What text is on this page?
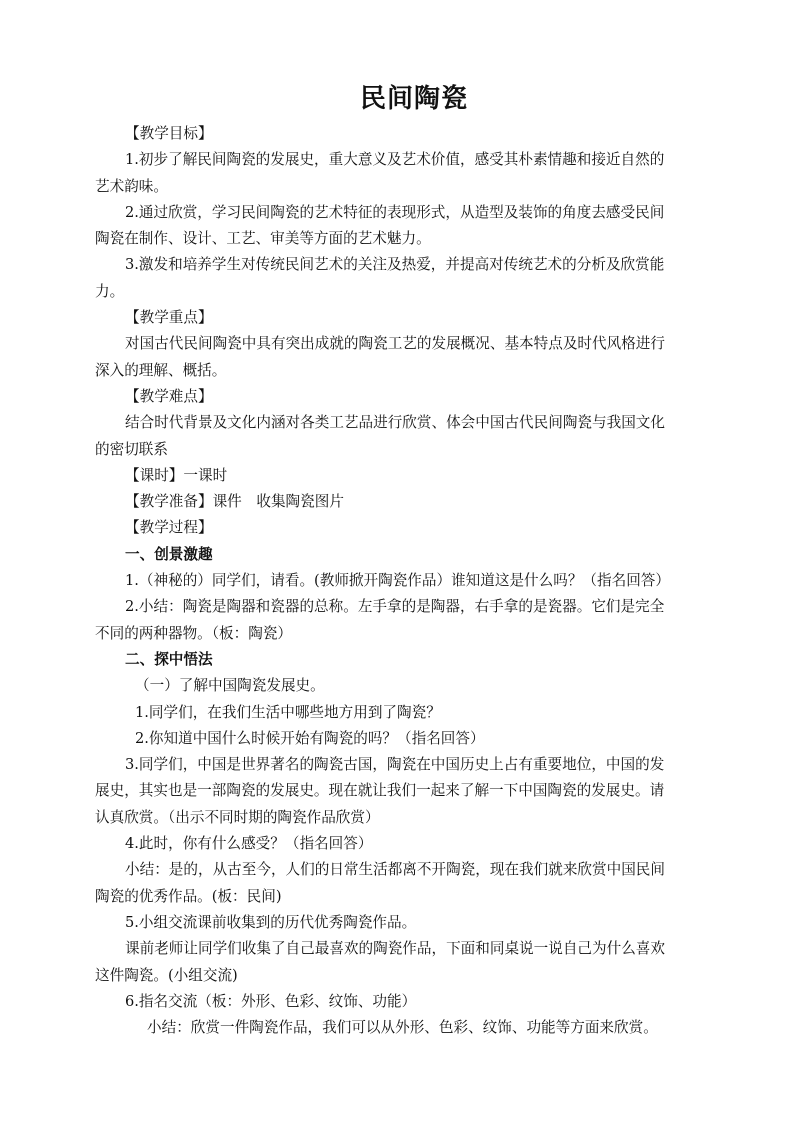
民间陶瓷
【教学目标】
1.初步了解民间陶瓷的发展史，重大意义及艺术价值，感受其朴素情趣和接近自然的
艺术韵味。
2.通过欣赏，学习民间陶瓷的艺术特征的表现形式，从造型及装饰的角度去感受民间
陶瓷在制作、设计、工艺、审美等方面的艺术魅力。
3.激发和培养学生对传统民间艺术的关注及热爱，并提高对传统艺术的分析及欣赏能
力。
【教学重点】
对国古代民间陶瓷中具有突出成就的陶瓷工艺的发展概况、基本特点及时代风格进行
深入的理解、概括。
【教学难点】
结合时代背景及文化内涵对各类工艺品进行欣赏、体会中国古代民间陶瓷与我国文化
的密切联系
【课时】一课时
【教学准备】课件　收集陶瓷图片
【教学过程】
一、创景激趣
1.（神秘的）同学们，请看。(教师掀开陶瓷作品）谁知道这是什么吗？（指名回答）
2.小结：陶瓷是陶器和瓷器的总称。左手拿的是陶器，右手拿的是瓷器。它们是完全
不同的两种器物。（板：陶瓷）
二、探中悟法
（一）了解中国陶瓷发展史。
1.同学们，在我们生活中哪些地方用到了陶瓷？
2.你知道中国什么时候开始有陶瓷的吗？（指名回答）
3.同学们，中国是世界著名的陶瓷古国，陶瓷在中国历史上占有重要地位，中国的发
展史，其实也是一部陶瓷的发展史。现在就让我们一起来了解一下中国陶瓷的发展史。请
认真欣赏。（出示不同时期的陶瓷作品欣赏）
4.此时，你有什么感受？（指名回答）
小结：是的，从古至今，人们的日常生活都离不开陶瓷，现在我们就来欣赏中国民间
陶瓷的优秀作品。(板：民间)
5.小组交流课前收集到的历代优秀陶瓷作品。
课前老师让同学们收集了自己最喜欢的陶瓷作品，下面和同桌说一说自己为什么喜欢
这件陶瓷。(小组交流)
6.指名交流（板：外形、色彩、纹饰、功能）
小结：欣赏一件陶瓷作品，我们可以从外形、色彩、纹饰、功能等方面来欣赏。
